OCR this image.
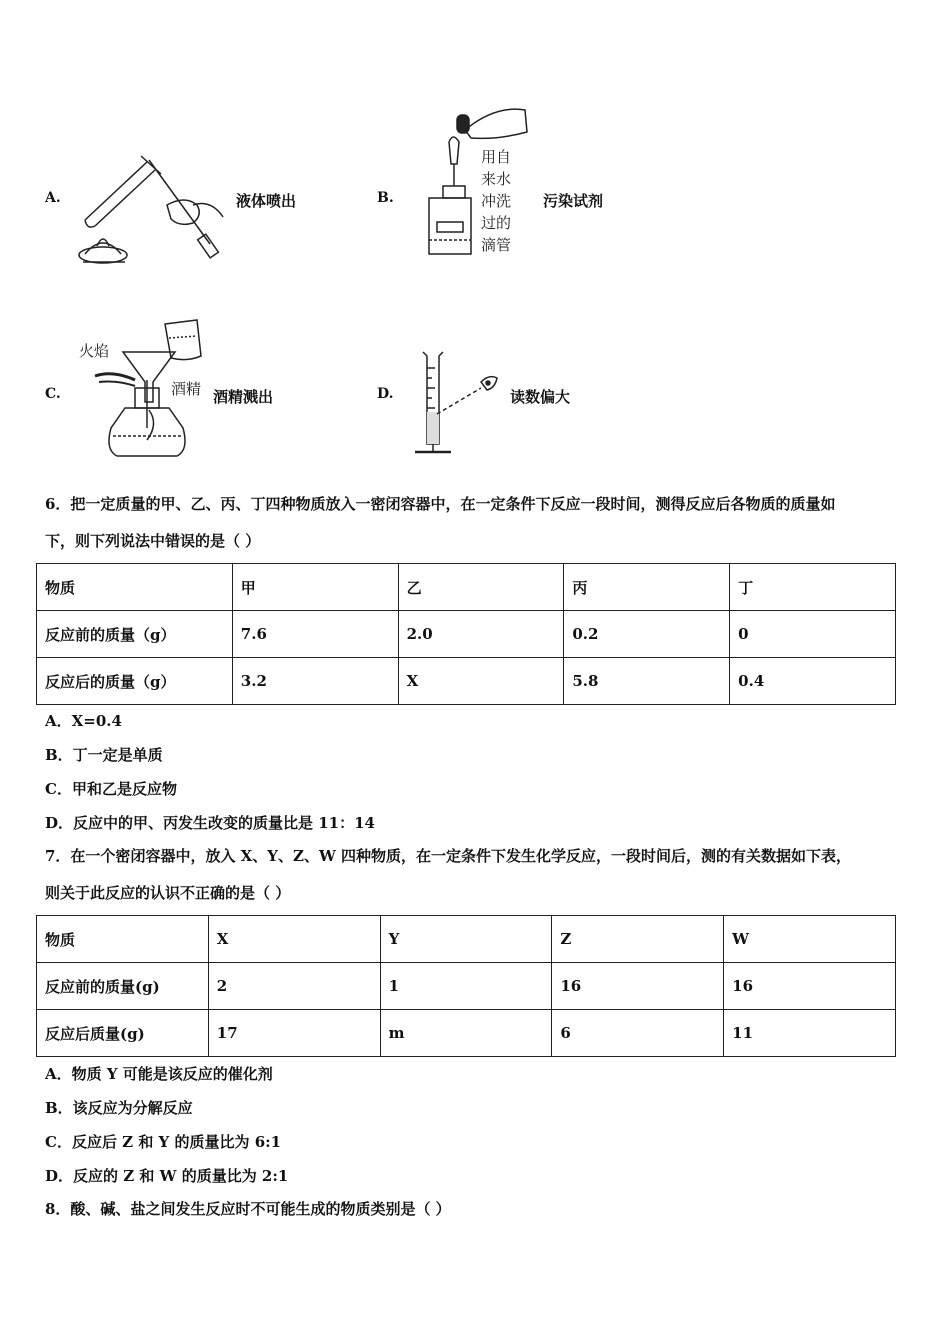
A.	液体喷出	B.
用自
来水
冲洗
过的
滴管
污染试剂
C.
火焰
酒精 酒精溅出	D.	读数偏大
6．把一定质量的甲、乙、丙、丁四种物质放入一密闭容器中，在一定条件下反应一段时间，测得反应后各物质的质量如
下，则下列说法中错误的是（ ）
物质	甲	乙	丙	丁
反应前的质量（g）	7.6	2.0	0.2	0
反应后的质量（g）	3.2	X	5.8	0.4
A．X=0.4
B．丁一定是单质
C．甲和乙是反应物
D．反应中的甲、丙发生改变的质量比是 11：14
7．在一个密闭容器中，放入 X、Y、Z、W 四种物质，在一定条件下发生化学反应，一段时间后，测的有关数据如下表，
则关于此反应的认识不正确的是（ ）
物质	X	Y	Z	W
反应前的质量(g)	2	1	16	16
反应后质量(g)	17	m	6	11
A．物质 Y 可能是该反应的催化剂
B．该反应为分解反应
C．反应后 Z 和 Y 的质量比为 6:1
D．反应的 Z 和 W 的质量比为 2:1
8．酸、碱、盐之间发生反应时不可能生成的物质类别是（ ）
